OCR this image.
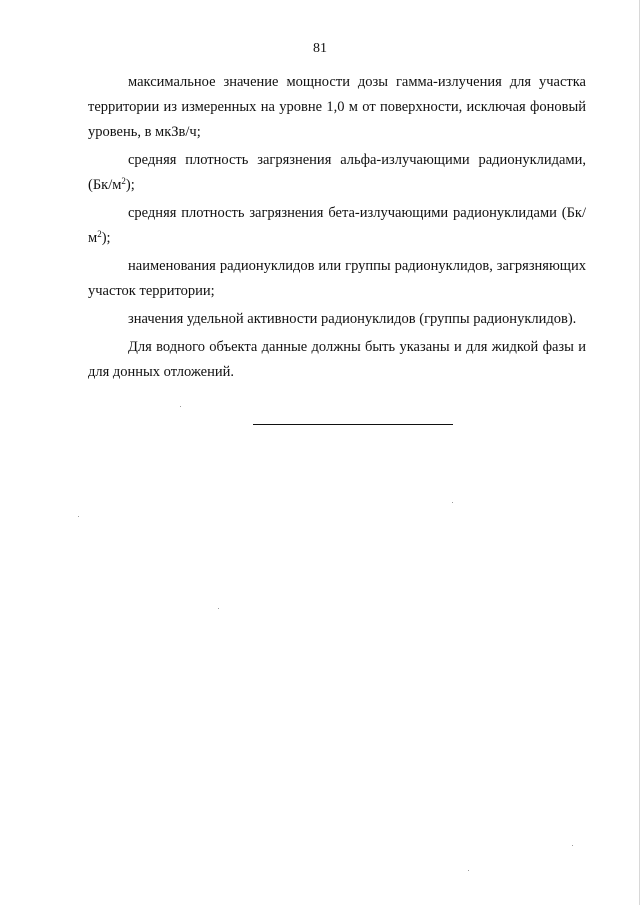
81

максимальное значение мощности дозы гамма-излучения для участка территории из измеренных на уровне 1,0 м от поверхности, исключая фоновый уровень, в мкЗв/ч;

средняя плотность загрязнения альфа-излучающими радионуклидами, $(Бк/м^2)$;

средняя плотность загрязнения бета-излучающими радионуклидами $(Бк/м^2)$;

наименования радионуклидов или группы радионуклидов, загрязняющих участок территории;

значения удельной активности радионуклидов (группы радионуклидов).

Для водного объекта данные должны быть указаны и для жидкой фазы и для донных отложений.
